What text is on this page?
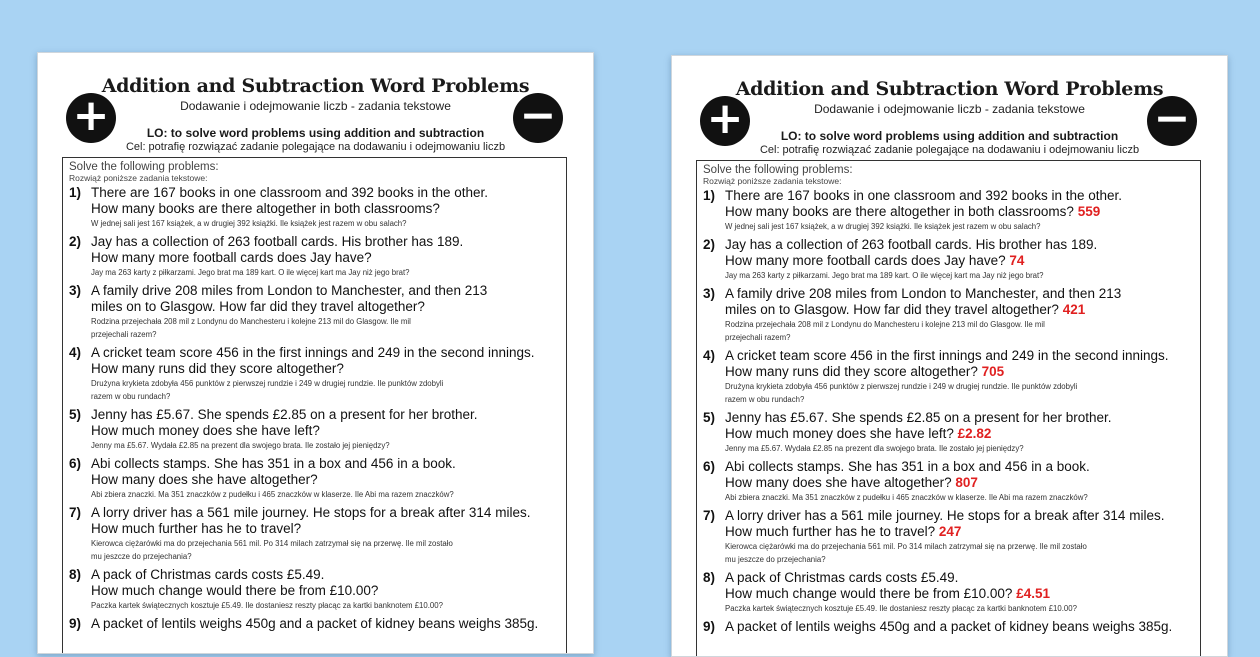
+	−
Addition and Subtraction Word Problems
Dodawanie i odejmowanie liczb - zadania tekstowe
LO: to solve word problems using addition and subtraction
Cel: potrafię rozwiązać zadanie polegające na dodawaniu i odejmowaniu liczb
Solve the following problems:
Rozwiąż poniższe zadania tekstowe:
1) There are 167 books in one classroom and 392 books in the other.
How many books are there altogether in both classrooms?
W jednej sali jest 167 książek, a w drugiej 392 książki. Ile książek jest razem w obu salach?
2) Jay has a collection of 263 football cards. His brother has 189.
How many more football cards does Jay have?
Jay ma 263 karty z piłkarzami. Jego brat ma 189 kart. O ile więcej kart ma Jay niż jego brat?
3) A family drive 208 miles from London to Manchester, and then 213
miles on to Glasgow. How far did they travel altogether?
Rodzina przejechała 208 mil z Londynu do Manchesteru i kolejne 213 mil do Glasgow. Ile mil
przejechali razem?
4) A cricket team score 456 in the first innings and 249 in the second innings.
How many runs did they score altogether?
Drużyna krykieta zdobyła 456 punktów z pierwszej rundzie i 249 w drugiej rundzie. Ile punktów zdobyli
razem w obu rundach?
5) Jenny has £5.67. She spends £2.85 on a present for her brother.
How much money does she have left?
Jenny ma £5.67. Wydała £2.85 na prezent dla swojego brata. Ile zostało jej pieniędzy?
6) Abi collects stamps. She has 351 in a box and 456 in a book.
How many does she have altogether?
Abi zbiera znaczki. Ma 351 znaczków z pudełku i 465 znaczków w klaserze. Ile Abi ma razem znaczków?
7) A lorry driver has a 561 mile journey. He stops for a break after 314 miles.
How much further has he to travel?
Kierowca ciężarówki ma do przejechania 561 mil. Po 314 milach zatrzymał się na przerwę. Ile mil zostało
mu jeszcze do przejechania?
8) A pack of Christmas cards costs £5.49.
How much change would there be from £10.00?
Paczka kartek świątecznych kosztuje £5.49. Ile dostaniesz reszty płacąc za kartki banknotem £10.00?
9) A packet of lentils weighs 450g and a packet of kidney beans weighs 385g.
+	−
Addition and Subtraction Word Problems
Dodawanie i odejmowanie liczb - zadania tekstowe
LO: to solve word problems using addition and subtraction
Cel: potrafię rozwiązać zadanie polegające na dodawaniu i odejmowaniu liczb
Solve the following problems:
Rozwiąż poniższe zadania tekstowe:
1) There are 167 books in one classroom and 392 books in the other.
How many books are there altogether in both classrooms? 559
W jednej sali jest 167 książek, a w drugiej 392 książki. Ile książek jest razem w obu salach?
2) Jay has a collection of 263 football cards. His brother has 189.
How many more football cards does Jay have? 74
Jay ma 263 karty z piłkarzami. Jego brat ma 189 kart. O ile więcej kart ma Jay niż jego brat?
3) A family drive 208 miles from London to Manchester, and then 213
miles on to Glasgow. How far did they travel altogether? 421
Rodzina przejechała 208 mil z Londynu do Manchesteru i kolejne 213 mil do Glasgow. Ile mil
przejechali razem?
4) A cricket team score 456 in the first innings and 249 in the second innings.
How many runs did they score altogether? 705
Drużyna krykieta zdobyła 456 punktów z pierwszej rundzie i 249 w drugiej rundzie. Ile punktów zdobyli
razem w obu rundach?
5) Jenny has £5.67. She spends £2.85 on a present for her brother.
How much money does she have left? £2.82
Jenny ma £5.67. Wydała £2.85 na prezent dla swojego brata. Ile zostało jej pieniędzy?
6) Abi collects stamps. She has 351 in a box and 456 in a book.
How many does she have altogether? 807
Abi zbiera znaczki. Ma 351 znaczków z pudełku i 465 znaczków w klaserze. Ile Abi ma razem znaczków?
7) A lorry driver has a 561 mile journey. He stops for a break after 314 miles.
How much further has he to travel? 247
Kierowca ciężarówki ma do przejechania 561 mil. Po 314 milach zatrzymał się na przerwę. Ile mil zostało
mu jeszcze do przejechania?
8) A pack of Christmas cards costs £5.49.
How much change would there be from £10.00? £4.51
Paczka kartek świątecznych kosztuje £5.49. Ile dostaniesz reszty płacąc za kartki banknotem £10.00?
9) A packet of lentils weighs 450g and a packet of kidney beans weighs 385g.
